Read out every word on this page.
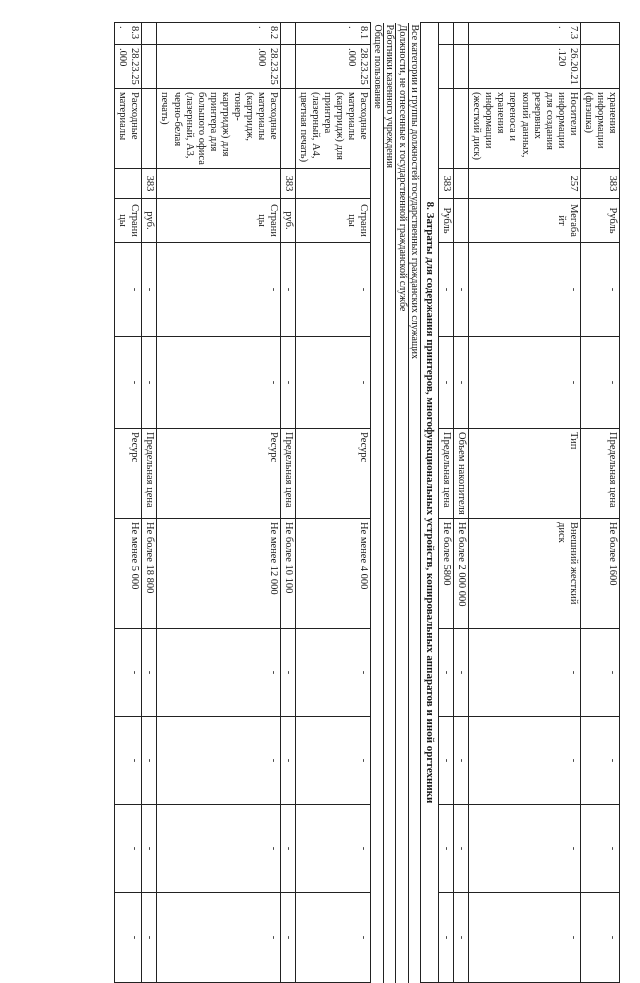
		хранения информации (флэшка)	383	Рубль	-	-	Предельная цена	Не более 1600	-	-	-	-
7.3.	26.20.21.120	Носители информации для создания резервных копий данных, переноса и хранения информации (жесткий диск)	257	Мегабайт	-	-	Тип	Внешний жесткий диск	-	-	-	-
					-	-	Объем накопителя	Не более 2 000 000	-	-	-	-
			383	Рубль	-	-	Предельная цена	Не более 5800	-	-	-	-
8. Затраты для содержания принтеров, многофункциональных устройств, копировальных аппаратов и иной оргтехники												
Все категории и группы должностей государственных гражданских служащих												
Должности, не отнесенные к государственной гражданской службе												
Работники казенного учреждения												
Общее пользование												
8.1.	28.23.25.000	Расходные материалы (картридж) для принтера (лазерный, А4, цветная печать)		Страницы	-	-	Ресурс	Не менее 4 000	-	-	-	-
			383	руб.	-	-	Предельная цена	Не более 10 100	-	-	-	-
8.2.	28.23.25.000	Расходные материалы (картридж, тонер-картридж) для принтера для большого офиса (лазерный, А3, черно-белая печать)		Страницы	-	-	Ресурс	Не менее 12 000	-	-	-	-
			383	руб.	-	-	Предельная цена	Не более 18 800	-	-	-	-
8.3.	28.23.25.000	Расходные материалы		Страницы	-	-	Ресурс	Не менее 5 000	-	-	-	-
